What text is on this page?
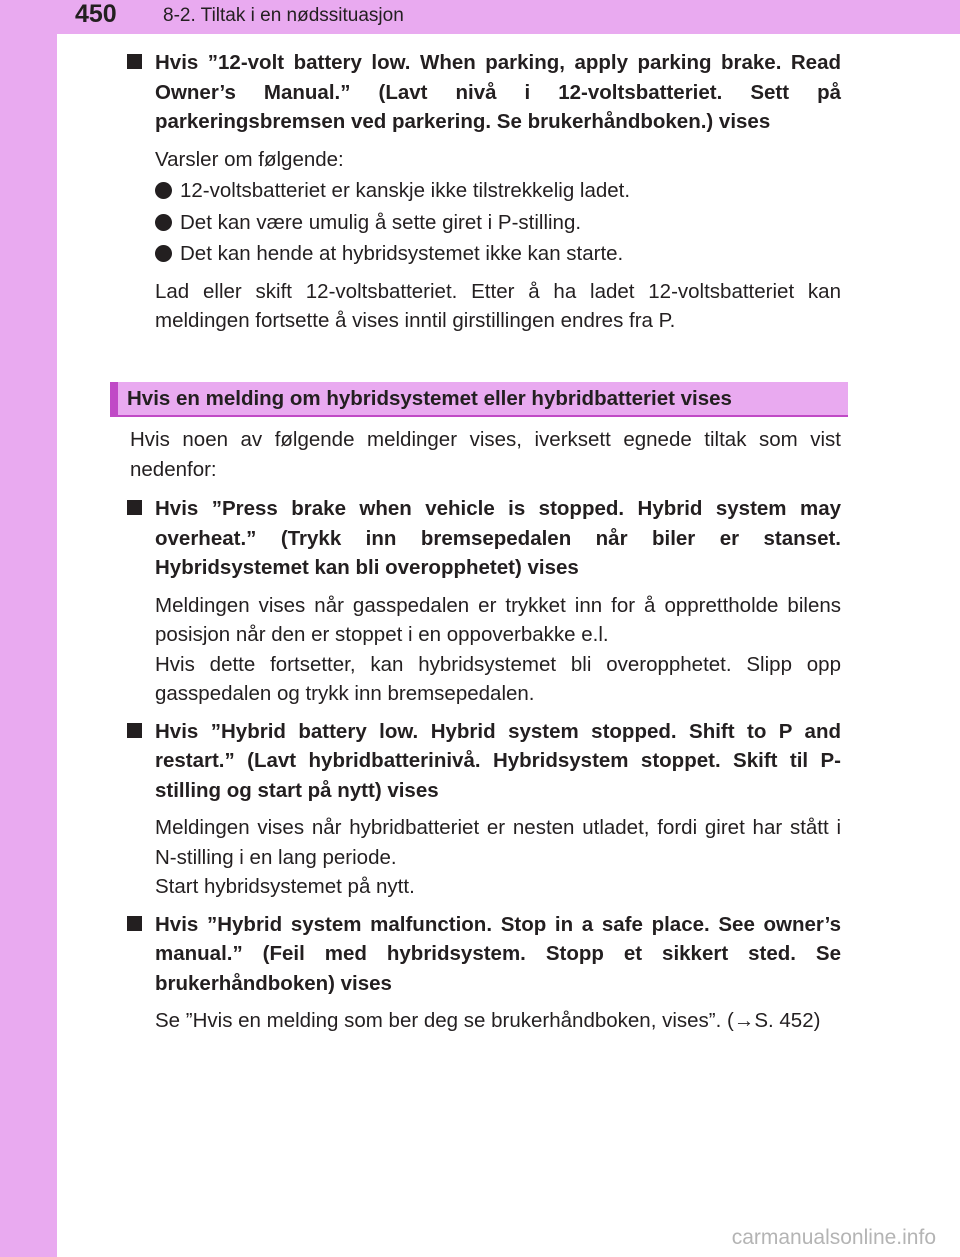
450 8-2. Tiltak i en nødssituasjon
Hvis ”12-volt battery low. When parking, apply parking brake. Read Owner’s Manual.” (Lavt nivå i 12-voltsbatteriet. Sett på parkeringsbremsen ved parkering. Se brukerhåndboken.) vises
Varsler om følgende:
12-voltsbatteriet er kanskje ikke tilstrekkelig ladet.
Det kan være umulig å sette giret i P-stilling.
Det kan hende at hybridsystemet ikke kan starte.
Lad eller skift 12-voltsbatteriet. Etter å ha ladet 12-voltsbatteriet kan meldingen fortsette å vises inntil girstillingen endres fra P.
Hvis en melding om hybridsystemet eller hybridbatteriet vises
Hvis noen av følgende meldinger vises, iverksett egnede tiltak som vist nedenfor:
Hvis ”Press brake when vehicle is stopped. Hybrid system may overheat.” (Trykk inn bremsepedalen når biler er stanset. Hybridsystemet kan bli overopphetet) vises
Meldingen vises når gasspedalen er trykket inn for å opprettholde bilens posisjon når den er stoppet i en oppoverbakke e.l.
Hvis dette fortsetter, kan hybridsystemet bli overopphetet. Slipp opp gasspedalen og trykk inn bremsepedalen.
Hvis ”Hybrid battery low. Hybrid system stopped. Shift to P and restart.” (Lavt hybridbatterinivå. Hybridsystem stoppet. Skift til P-stilling og start på nytt) vises
Meldingen vises når hybridbatteriet er nesten utladet, fordi giret har stått i N-stilling i en lang periode.
Start hybridsystemet på nytt.
Hvis ”Hybrid system malfunction. Stop in a safe place. See owner’s manual.” (Feil med hybridsystem. Stopp et sikkert sted. Se brukerhåndboken) vises
Se ”Hvis en melding som ber deg se brukerhåndboken, vises”. (→S. 452)
carmanualsonline.info
